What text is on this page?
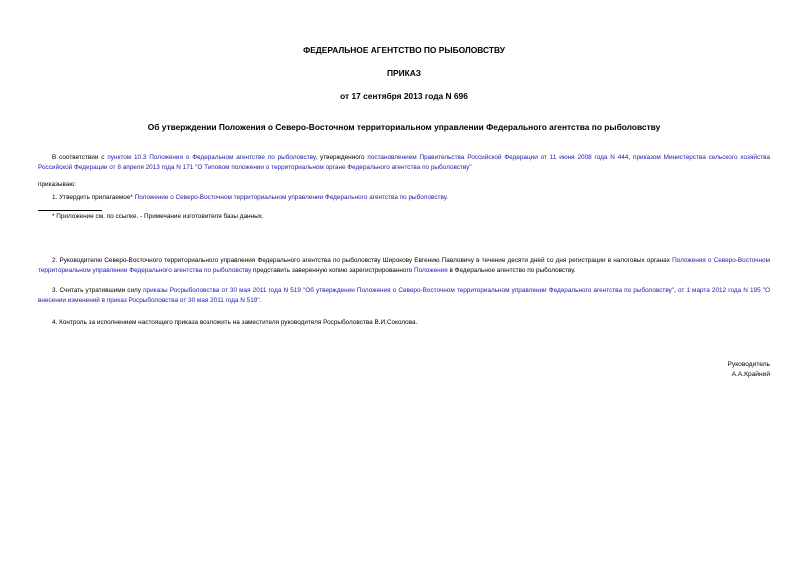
ФЕДЕРАЛЬНОЕ АГЕНТСТВО ПО РЫБОЛОВСТВУ
ПРИКАЗ
от 17 сентября 2013 года N 696
Об утверждении Положения о Северо-Восточном территориальном управлении Федерального агентства по рыболовству

В соответствии с пунктом 10.3 Положения о Федеральном агентстве по рыболовству, утвержденного постановлением Правительства Российской Федерации от 11 июня 2008 года N 444, приказом Министерства сельского хозяйства Российской Федерации от 8 апреля 2013 года N 171 "О Типовом положении о территориальном органе Федерального агентства по рыболовству"

приказываю:

1. Утвердить прилагаемое* Положение о Северо-Восточном территориальном управлении Федерального агентства по рыболовству.

* Приложение см. по ссылке. - Примечание изготовителя базы данных.

2. Руководителю Северо-Восточного территориального управления Федерального агентства по рыболовству Широкову Евгению Павловичу в течение десяти дней со дня регистрации в налоговых органах Положения о Северо-Восточном территориальном управлении Федерального агентства по рыболовству представить заверенную копию зарегистрированного Положения в Федеральное агентство по рыболовству.

3. Считать утратившими силу приказы Росрыболовства от 30 мая 2011 года N 519 "Об утверждении Положения о Северо-Восточном территориальном управлении Федерального агентства по рыболовству", от 1 марта 2012 года N 195 "О внесении изменений в приказ Росрыболовства от 30 мая 2011 года N 519".

4. Контроль за исполнением настоящего приказа возложить на заместителя руководителя Росрыболовства В.И.Соколова.

Руководитель
А.А.Крайний
